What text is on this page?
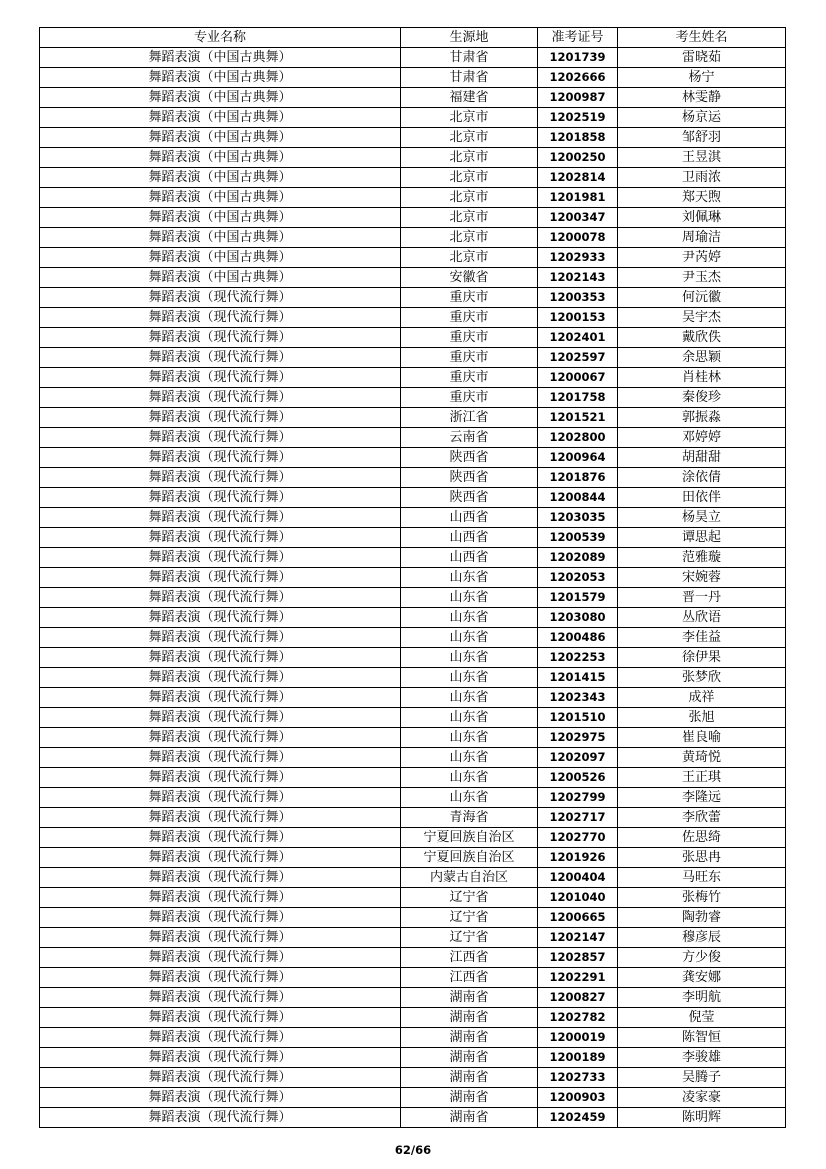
专业名称	生源地	准考证号	考生姓名
舞蹈表演（中国古典舞）	甘肃省	1201739	雷晓茹
舞蹈表演（中国古典舞）	甘肃省	1202666	杨宁
舞蹈表演（中国古典舞）	福建省	1200987	林雯静
舞蹈表演（中国古典舞）	北京市	1202519	杨京运
舞蹈表演（中国古典舞）	北京市	1201858	邹舒羽
舞蹈表演（中国古典舞）	北京市	1200250	王昱淇
舞蹈表演（中国古典舞）	北京市	1202814	卫雨浓
舞蹈表演（中国古典舞）	北京市	1201981	郑天煦
舞蹈表演（中国古典舞）	北京市	1200347	刘佩琳
舞蹈表演（中国古典舞）	北京市	1200078	周瑜洁
舞蹈表演（中国古典舞）	北京市	1202933	尹芮婷
舞蹈表演（中国古典舞）	安徽省	1202143	尹玉杰
舞蹈表演（现代流行舞）	重庆市	1200353	何沅徽
舞蹈表演（现代流行舞）	重庆市	1200153	吴宇杰
舞蹈表演（现代流行舞）	重庆市	1202401	戴欣佚
舞蹈表演（现代流行舞）	重庆市	1202597	余思颖
舞蹈表演（现代流行舞）	重庆市	1200067	肖桂林
舞蹈表演（现代流行舞）	重庆市	1201758	秦俊珍
舞蹈表演（现代流行舞）	浙江省	1201521	郭振淼
舞蹈表演（现代流行舞）	云南省	1202800	邓婷婷
舞蹈表演（现代流行舞）	陕西省	1200964	胡甜甜
舞蹈表演（现代流行舞）	陕西省	1201876	涂依倩
舞蹈表演（现代流行舞）	陕西省	1200844	田依伴
舞蹈表演（现代流行舞）	山西省	1203035	杨昊立
舞蹈表演（现代流行舞）	山西省	1200539	谭思起
舞蹈表演（现代流行舞）	山西省	1202089	范雅璇
舞蹈表演（现代流行舞）	山东省	1202053	宋婉蓉
舞蹈表演（现代流行舞）	山东省	1201579	晋一丹
舞蹈表演（现代流行舞）	山东省	1203080	丛欣语
舞蹈表演（现代流行舞）	山东省	1200486	李佳益
舞蹈表演（现代流行舞）	山东省	1202253	徐伊果
舞蹈表演（现代流行舞）	山东省	1201415	张梦欣
舞蹈表演（现代流行舞）	山东省	1202343	成祥
舞蹈表演（现代流行舞）	山东省	1201510	张旭
舞蹈表演（现代流行舞）	山东省	1202975	崔良喻
舞蹈表演（现代流行舞）	山东省	1202097	黄琦悦
舞蹈表演（现代流行舞）	山东省	1200526	王正琪
舞蹈表演（现代流行舞）	山东省	1202799	李隆远
舞蹈表演（现代流行舞）	青海省	1202717	李欣蕾
舞蹈表演（现代流行舞）	宁夏回族自治区	1202770	佐思绮
舞蹈表演（现代流行舞）	宁夏回族自治区	1201926	张思冉
舞蹈表演（现代流行舞）	内蒙古自治区	1200404	马旺东
舞蹈表演（现代流行舞）	辽宁省	1201040	张梅竹
舞蹈表演（现代流行舞）	辽宁省	1200665	陶勃睿
舞蹈表演（现代流行舞）	辽宁省	1202147	穆彦辰
舞蹈表演（现代流行舞）	江西省	1202857	方少俊
舞蹈表演（现代流行舞）	江西省	1202291	龚安娜
舞蹈表演（现代流行舞）	湖南省	1200827	李明航
舞蹈表演（现代流行舞）	湖南省	1202782	倪莹
舞蹈表演（现代流行舞）	湖南省	1200019	陈智恒
舞蹈表演（现代流行舞）	湖南省	1200189	李骏雄
舞蹈表演（现代流行舞）	湖南省	1202733	吴腾子
舞蹈表演（现代流行舞）	湖南省	1200903	凌家豪
舞蹈表演（现代流行舞）	湖南省	1202459	陈明辉
62/66
